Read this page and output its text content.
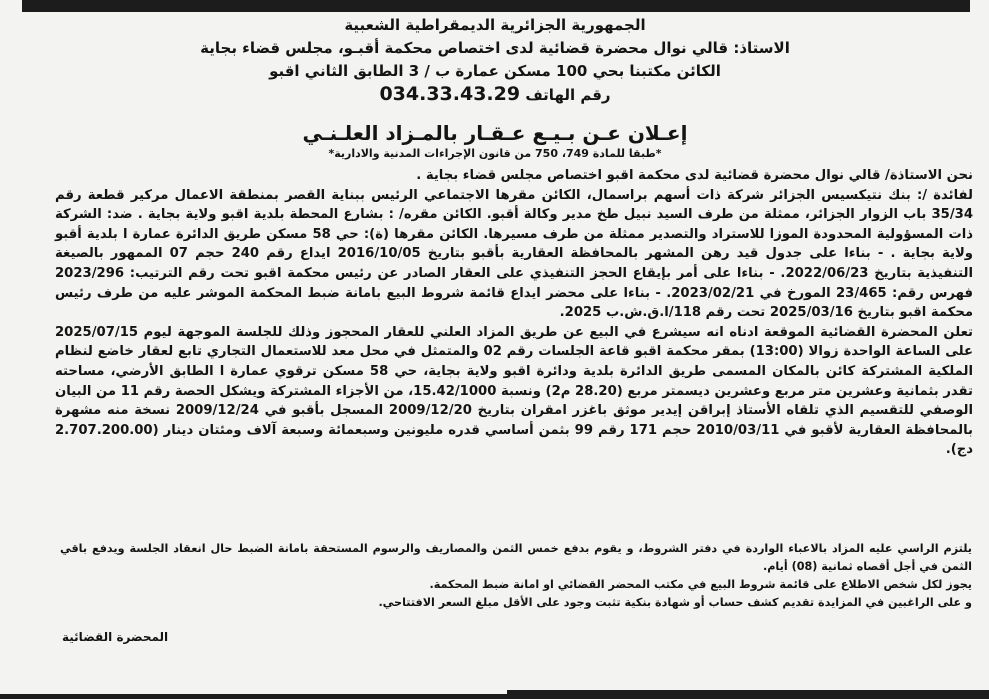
الجمهورية الجزائرية الديمقراطية الشعبية
الاستاذ: قالي نوال محضرة قضائية لدى اختصاص محكمة أقبـو، مجلس قضاء بجاية
الكائن مكتبنا بحي 100 مسكن عمارة ب / 3 الطابق الثاني اقبو
رقم الهاتف 034.33.43.29
إعـلان عـن بـيـع عـقـار بالمـزاد العلـنـي
*طبقا للمادة 749، 750 من قانون الإجراءات المدنية والادارية*

نحن الاستاذة/ قالي نوال محضرة قضائية لدى محكمة اقبو اختصاص مجلس قضاء بجاية .

لفائدة /: بنك نتيكسيس الجزائر شركة ذات أسهم براسمال، الكائن مقرها الاجتماعي الرئيس ببناية القصر بمنطقة الاعمال مركير قطعة رقم 35/34 باب الزوار الجزائر، ممثلة من طرف السيد نبيل طخ مدير وكالة أقبو. الكائن مقره/ : بشارع المحطة بلدية اقبو ولاية بجاية . ضد: الشركة ذات المسؤولية المحدودة الموزا للاستراد والتصدير ممثلة من طرف مسيرها. الكائن مقرها (ة): حي 58 مسكن طريق الدائرة عمارة ا بلدية أقبو ولاية بجاية . - بناءا على جدول قيد رهن المشهر بالمحافظة العقارية بأقبو بتاريخ 2016/10/05 ايداع رقم 240 حجم 07 الممهور بالصيغة التنفيذية بتاريخ 2022/06/23. - بناءا على أمر بإيقاع الحجز التنفيذي على العقار الصادر عن رئيس محكمة اقبو تحت رقم الترتيب: 2023/296 فهرس رقم: 23/465 المورخ في 2023/02/21. - بناءا على محضر ايداع قائمة شروط البيع بامانة ضبط المحكمة الموشر عليه من طرف رئيس محكمة اقبو بتاريخ 2025/03/16 تحت رقم 118/ا.ق.ش.ب 2025.

تعلن المحضرة القضائية الموقعة ادناه انه سيشرع في البيع عن طريق المزاد العلني للعقار المحجوز وذلك للجلسة الموجهة ليوم 2025/07/15 على الساعة الواحدة زوالا (13:00) بمقر محكمة اقبو قاعة الجلسات رقم 02 والمتمثل في محل معد للاستعمال التجاري تابع لعقار خاضع لنظام الملكية المشتركة كائن بالمكان المسمى طريق الدائرة بلدية ودائرة اقبو ولاية بجاية، حي 58 مسكن ترقوي عمارة ا الطابق الأرضي، مساحته تقدر بثمانية وعشرين متر مربع وعشرين ديسمتر مربع (28.20 م2) ونسبة 15.42/1000، من الأجزاء المشتركة ويشكل الحصة رقم 11 من البيان الوصفي للتقسيم الذي تلقاه الأستاذ إبراقن إيدير موثق باغزر امقران بتاريخ 2009/12/20 المسجل بأقبو في 2009/12/24 نسخة منه مشهرة بالمحافظة العقارية لأقبو في 2010/03/11 حجم 171 رقم 99 بثمن أساسي قدره مليونين وسبعمائة وسبعة آلاف ومئتان دينار (2.707.200.00 دج).

يلتزم الراسي عليه المزاد بالاعباء الواردة في دفتر الشروط، و يقوم بدفع خمس الثمن والمصاريف والرسوم المستحقة بامانة الضبط حال انعقاد الجلسة ويدفع باقي الثمن في أجل أقصاه ثمانية (08) أيام.

يجوز لكل شخص الاطلاع على قائمة شروط البيع في مكتب المحضر القضائي او امانة ضبط المحكمة.

و على الراغبين في المزايدة تقديم كشف حساب أو شهادة بنكية تثبت وجود على الأقل مبلغ السعر الافتتاحي.

المحضرة القضائية
